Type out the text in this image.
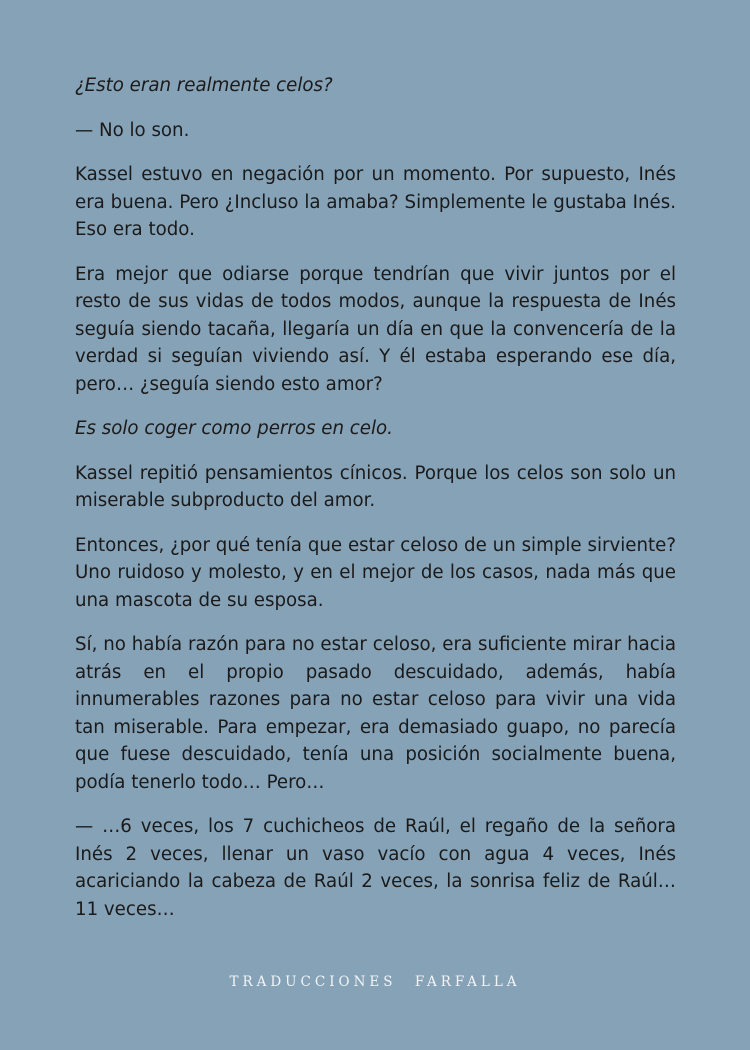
¿Esto eran realmente celos?

— No lo son.

Kassel estuvo en negación por un momento. Por supuesto, Inés era buena. Pero ¿Incluso la amaba? Simplemente le gustaba Inés. Eso era todo.

Era mejor que odiarse porque tendrían que vivir juntos por el resto de sus vidas de todos modos, aunque la respuesta de Inés seguía siendo tacaña, llegaría un día en que la convencería de la verdad si seguían viviendo así. Y él estaba esperando ese día, pero… ¿seguía siendo esto amor?

Es solo coger como perros en celo.

Kassel repitió pensamientos cínicos. Porque los celos son solo un miserable subproducto del amor.

Entonces, ¿por qué tenía que estar celoso de un simple sirviente? Uno ruidoso y molesto, y en el mejor de los casos, nada más que una mascota de su esposa.

Sí, no había razón para no estar celoso, era suficiente mirar hacia atrás en el propio pasado descuidado, además, había innumerables razones para no estar celoso para vivir una vida tan miserable. Para empezar, era demasiado guapo, no parecía que fuese descuidado, tenía una posición socialmente buena, podía tenerlo todo… Pero…

— …6 veces, los 7 cuchicheos de Raúl, el regaño de la señora Inés 2 veces, llenar un vaso vacío con agua 4 veces, Inés acariciando la cabeza de Raúl 2 veces, la sonrisa feliz de Raúl… 11 veces…

TRADUCCIONES FARFALLA
